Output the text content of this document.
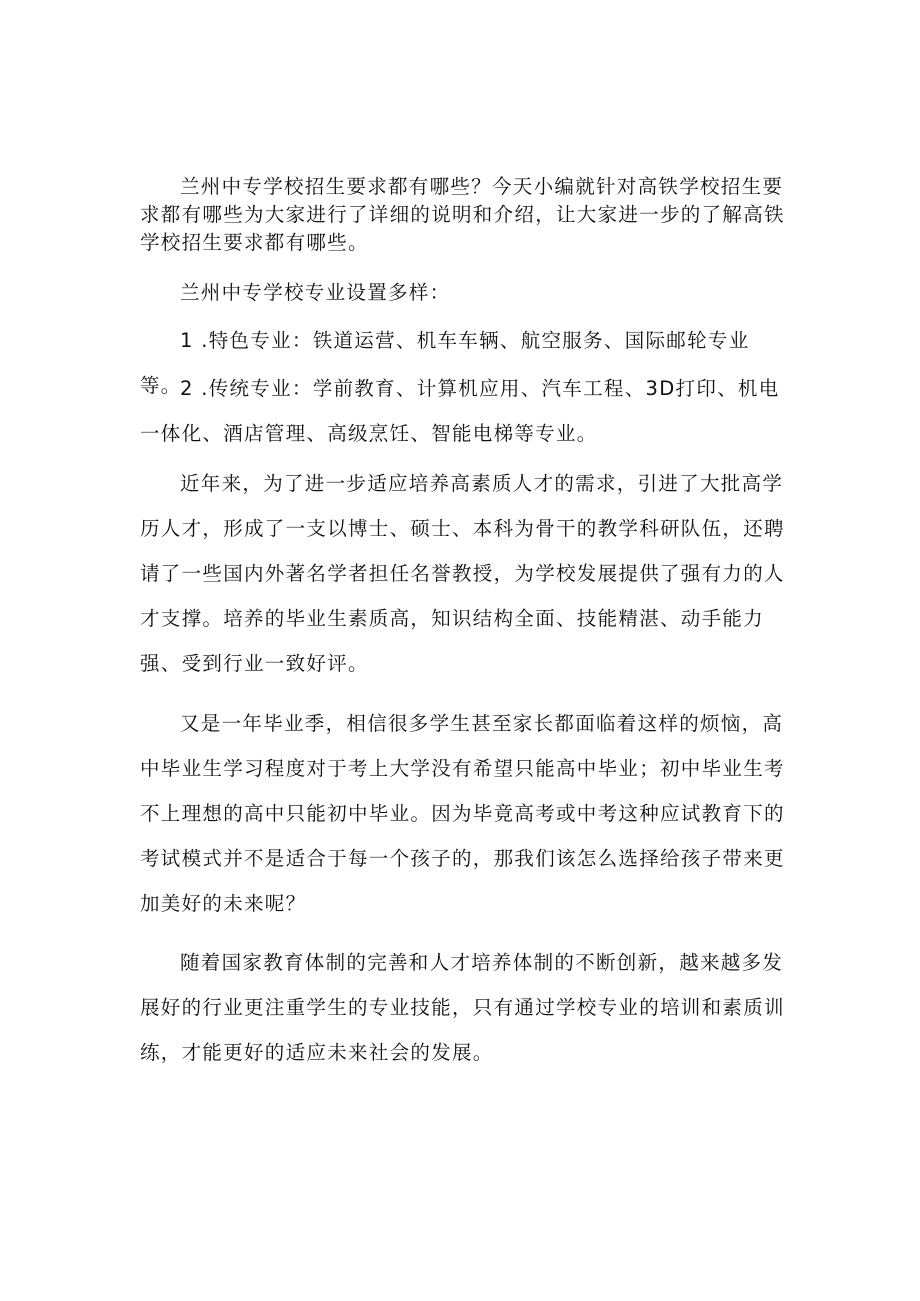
兰州中专学校招生要求都有哪些？今天小编就针对高铁学校招生要求都有哪些为大家进行了详细的说明和介绍，让大家进一步的了解高铁学校招生要求都有哪些。

兰州中专学校专业设置多样：

1 .特色专业：铁道运营、机车车辆、航空服务、国际邮轮专业等。

2 .传统专业：学前教育、计算机应用、汽车工程、3D打印、机电一体化、酒店管理、高级烹饪、智能电梯等专业。

近年来，为了进一步适应培养高素质人才的需求，引进了大批高学历人才，形成了一支以博士、硕士、本科为骨干的教学科研队伍，还聘请了一些国内外著名学者担任名誉教授，为学校发展提供了强有力的人才支撑。培养的毕业生素质高，知识结构全面、技能精湛、动手能力强、受到行业一致好评。

又是一年毕业季，相信很多学生甚至家长都面临着这样的烦恼，高中毕业生学习程度对于考上大学没有希望只能高中毕业；初中毕业生考不上理想的高中只能初中毕业。因为毕竟高考或中考这种应试教育下的考试模式并不是适合于每一个孩子的，那我们该怎么选择给孩子带来更加美好的未来呢？

随着国家教育体制的完善和人才培养体制的不断创新，越来越多发展好的行业更注重学生的专业技能，只有通过学校专业的培训和素质训练，才能更好的适应未来社会的发展。
